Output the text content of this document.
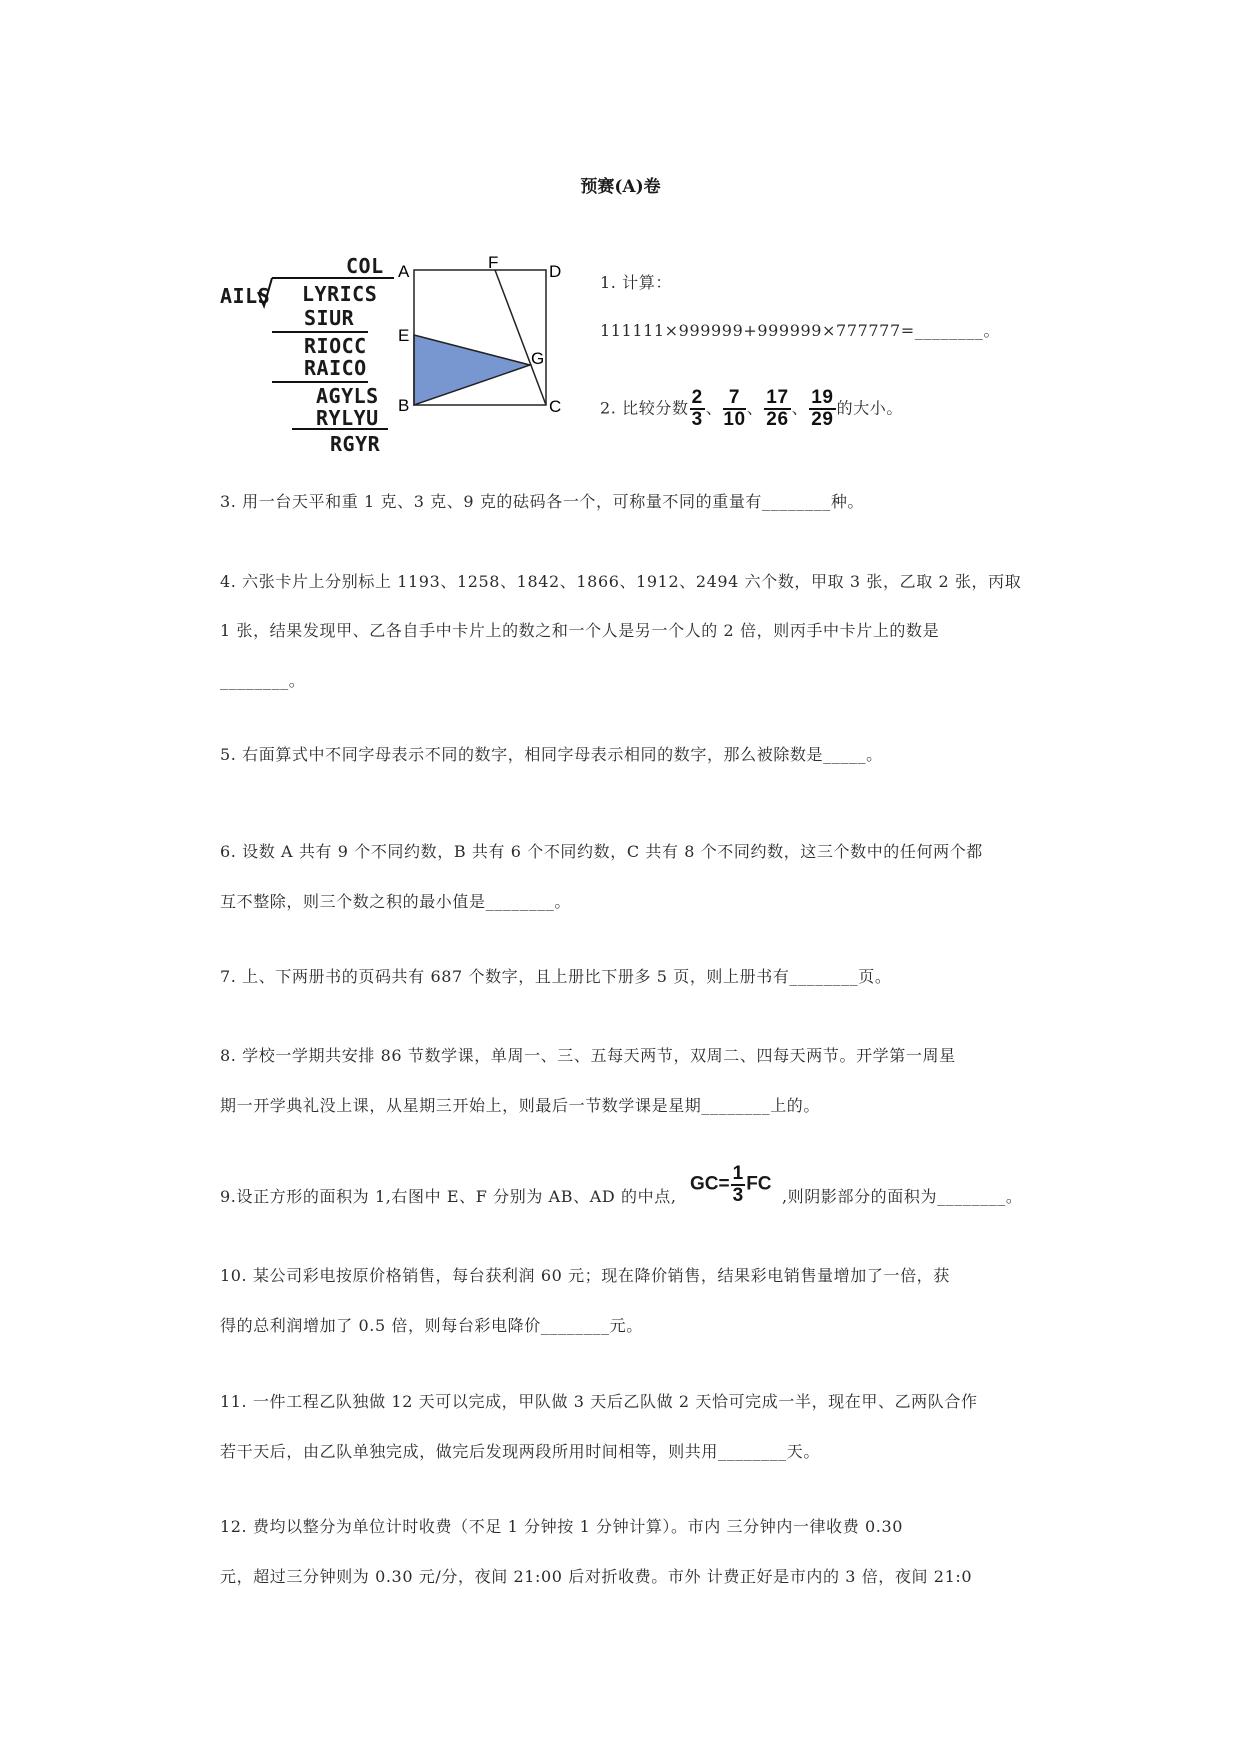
预赛(A)卷
COL
AILS LYRICS
SIUR
RIOCC
RAICO
AGYLS
RYLYU
RGYR
A	F	D
E
G
B	C
1. 计算：
111111×999999+999999×777777=________。
2. 比较分数 $\frac{2}{3}$ 、 $\frac{7}{10}$ 、 $\frac{17}{26}$ 、 $\frac{19}{29}$ 的大小。
3. 用一台天平和重 1 克、3 克、9 克的砝码各一个，可称量不同的重量有________种。
4. 六张卡片上分别标上 1193、1258、1842、1866、1912、2494 六个数，甲取 3 张，乙取 2 张，丙取
1 张，结果发现甲、乙各自手中卡片上的数之和一个人是另一个人的 2 倍，则丙手中卡片上的数是
________。
5. 右面算式中不同字母表示不同的数字，相同字母表示相同的数字，那么被除数是_____。
6. 设数 A 共有 9 个不同约数，B 共有 6 个不同约数，C 共有 8 个不同约数，这三个数中的任何两个都
互不整除，则三个数之积的最小值是________。
7. 上、下两册书的页码共有 687 个数字，且上册比下册多 5 页，则上册书有________页。
8. 学校一学期共安排 86 节数学课，单周一、三、五每天两节，双周二、四每天两节。开学第一周星
期一开学典礼没上课，从星期三开始上，则最后一节数学课是星期________上的。
9.设正方形的面积为 1,右图中 E、F 分别为 AB、AD 的中点,
$GC= \frac{1}{3}$ FC
,则阴影部分的面积为________。
10. 某公司彩电按原价格销售，每台获利润 60 元；现在降价销售，结果彩电销售量增加了一倍，获
得的总利润增加了 0.5 倍，则每台彩电降价________元。
11. 一件工程乙队独做 12 天可以完成，甲队做 3 天后乙队做 2 天恰可完成一半，现在甲、乙两队合作
若干天后，由乙队单独完成，做完后发现两段所用时间相等，则共用________天。
12. 费均以整分为单位计时收费（不足 1 分钟按 1 分钟计算）。市内 三分钟内一律收费 0.30
元，超过三分钟则为 0.30 元/分，夜间 21:00 后对折收费。市外 计费正好是市内的 3 倍，夜间 21:0
